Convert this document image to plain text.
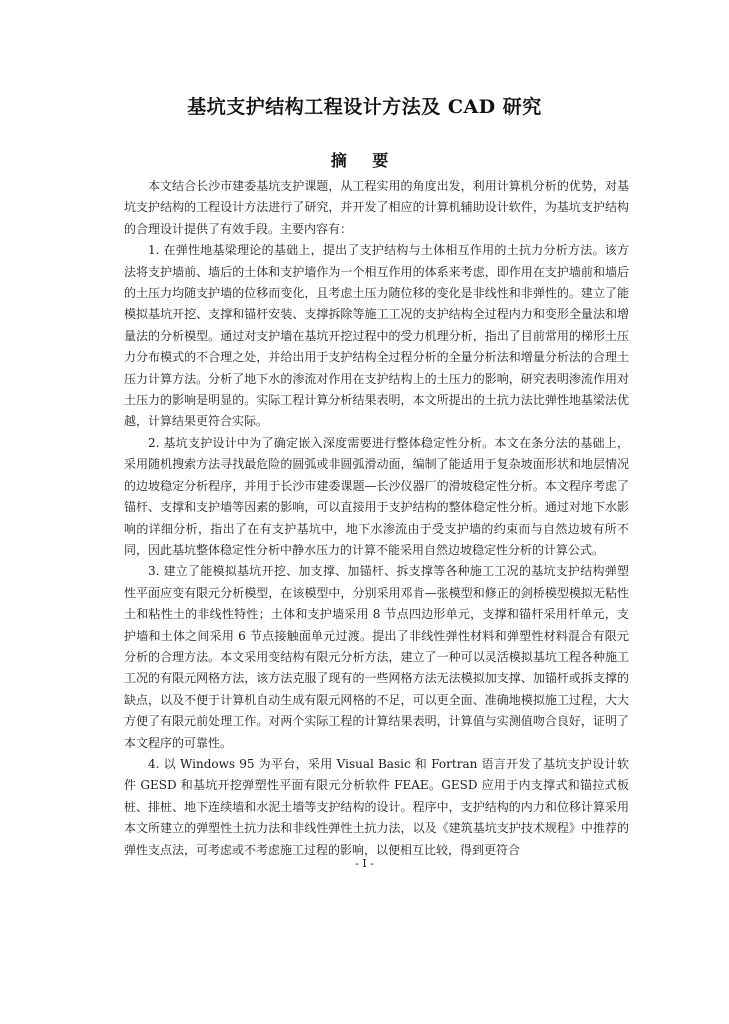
基坑支护结构工程设计方法及 CAD 研究
摘 要

本文结合长沙市建委基坑支护课题，从工程实用的角度出发，利用计算机分析的优势，对基坑支护结构的工程设计方法进行了研究，并开发了相应的计算机辅助设计软件，为基坑支护结构的合理设计提供了有效手段。主要内容有：

1. 在弹性地基梁理论的基础上，提出了支护结构与土体相互作用的土抗力分析方法。该方法将支护墙前、墙后的土体和支护墙作为一个相互作用的体系来考虑，即作用在支护墙前和墙后的土压力均随支护墙的位移而变化，且考虑土压力随位移的变化是非线性和非弹性的。建立了能模拟基坑开挖、支撑和锚杆安装、支撑拆除等施工工况的支护结构全过程内力和变形全量法和增量法的分析模型。通过对支护墙在基坑开挖过程中的受力机理分析，指出了目前常用的梯形土压力分布模式的不合理之处，并给出用于支护结构全过程分析的全量分析法和增量分析法的合理土压力计算方法。分析了地下水的渗流对作用在支护结构上的土压力的影响，研究表明渗流作用对土压力的影响是明显的。实际工程计算分析结果表明，本文所提出的土抗力法比弹性地基梁法优越，计算结果更符合实际。

2. 基坑支护设计中为了确定嵌入深度需要进行整体稳定性分析。本文在条分法的基础上，采用随机搜索方法寻找最危险的圆弧或非圆弧滑动面，编制了能适用于复杂坡面形状和地层情况的边坡稳定分析程序，并用于长沙市建委课题—长沙仪器厂的滑坡稳定性分析。本文程序考虑了锚杆、支撑和支护墙等因素的影响，可以直接用于支护结构的整体稳定性分析。通过对地下水影响的详细分析，指出了在有支护基坑中，地下水渗流由于受支护墙的约束而与自然边坡有所不同，因此基坑整体稳定性分析中静水压力的计算不能采用自然边坡稳定性分析的计算公式。

3. 建立了能模拟基坑开挖、加支撑、加锚杆、拆支撑等各种施工工况的基坑支护结构弹塑性平面应变有限元分析模型，在该模型中，分别采用邓肯—张模型和修正的剑桥模型模拟无粘性土和粘性土的非线性特性；土体和支护墙采用 8 节点四边形单元，支撑和锚杆采用杆单元，支护墙和土体之间采用 6 节点接触面单元过渡。提出了非线性弹性材料和弹塑性材料混合有限元分析的合理方法。本文采用变结构有限元分析方法，建立了一种可以灵活模拟基坑工程各种施工工况的有限元网格方法，该方法克服了现有的一些网格方法无法模拟加支撑、加锚杆或拆支撑的缺点，以及不便于计算机自动生成有限元网格的不足，可以更全面、准确地模拟施工过程，大大方便了有限元前处理工作。对两个实际工程的计算结果表明，计算值与实测值吻合良好，证明了本文程序的可靠性。

4. 以 Windows 95 为平台，采用 Visual Basic 和 Fortran 语言开发了基坑支护设计软件 GESD 和基坑开挖弹塑性平面有限元分析软件 FEAE。GESD 应用于内支撑式和锚拉式板桩、排桩、地下连续墙和水泥土墙等支护结构的设计。程序中，支护结构的内力和位移计算采用本文所建立的弹塑性土抗力法和非线性弹性土抗力法，以及《建筑基坑支护技术规程》中推荐的弹性支点法，可考虑或不考虑施工过程的影响，以便相互比较，得到更符合

- I -
